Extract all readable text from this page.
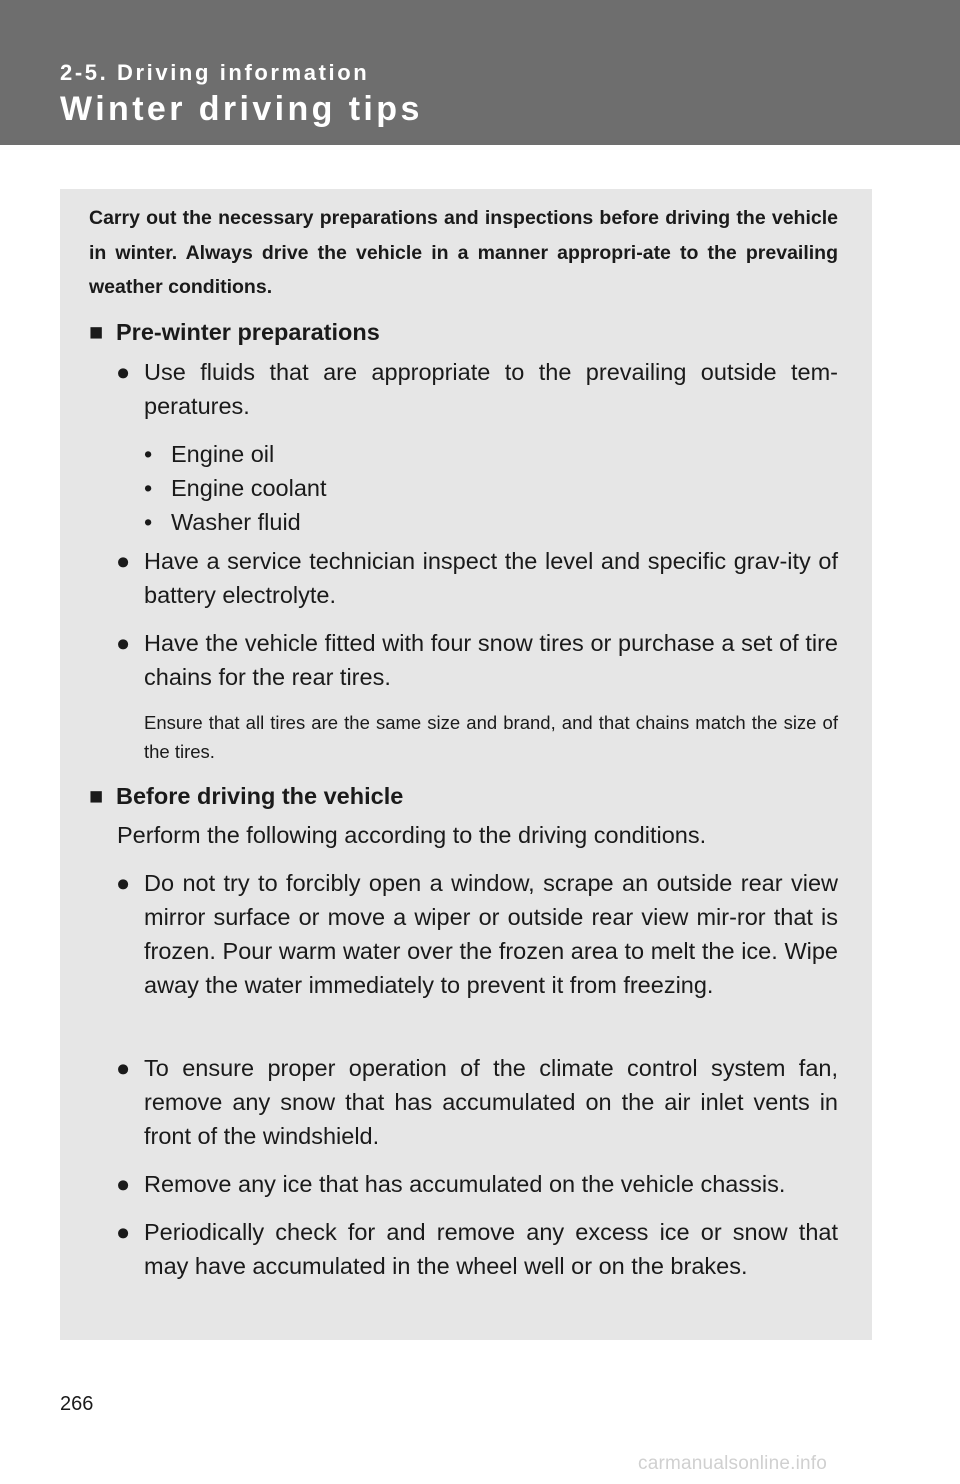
2-5. Driving information

Winter driving tips

Carry out the necessary preparations and inspections before driving the vehicle in winter. Always drive the vehicle in a manner appropri-ate to the prevailing weather conditions.

■ Pre-winter preparations
● Use fluids that are appropriate to the prevailing outside tem-peratures.

• Engine oil

• Engine coolant

• Washer fluid

● Have a service technician inspect the level and specific grav-ity of battery electrolyte.
● Have the vehicle fitted with four snow tires or purchase a set of tire chains for the rear tires.

Ensure that all tires are the same size and brand, and that chains match the size of the tires.

■ Before driving the vehicle

Perform the following according to the driving conditions.

● Do not try to forcibly open a window, scrape an outside rear view mirror surface or move a wiper or outside rear view mir-ror that is frozen. Pour warm water over the frozen area to melt the ice. Wipe away the water immediately to prevent it from freezing.
● To ensure proper operation of the climate control system fan, remove any snow that has accumulated on the air inlet vents in front of the windshield.
● Remove any ice that has accumulated on the vehicle chassis.
● Periodically check for and remove any excess ice or snow that may have accumulated in the wheel well or on the brakes.

266

carmanualsonline.info
